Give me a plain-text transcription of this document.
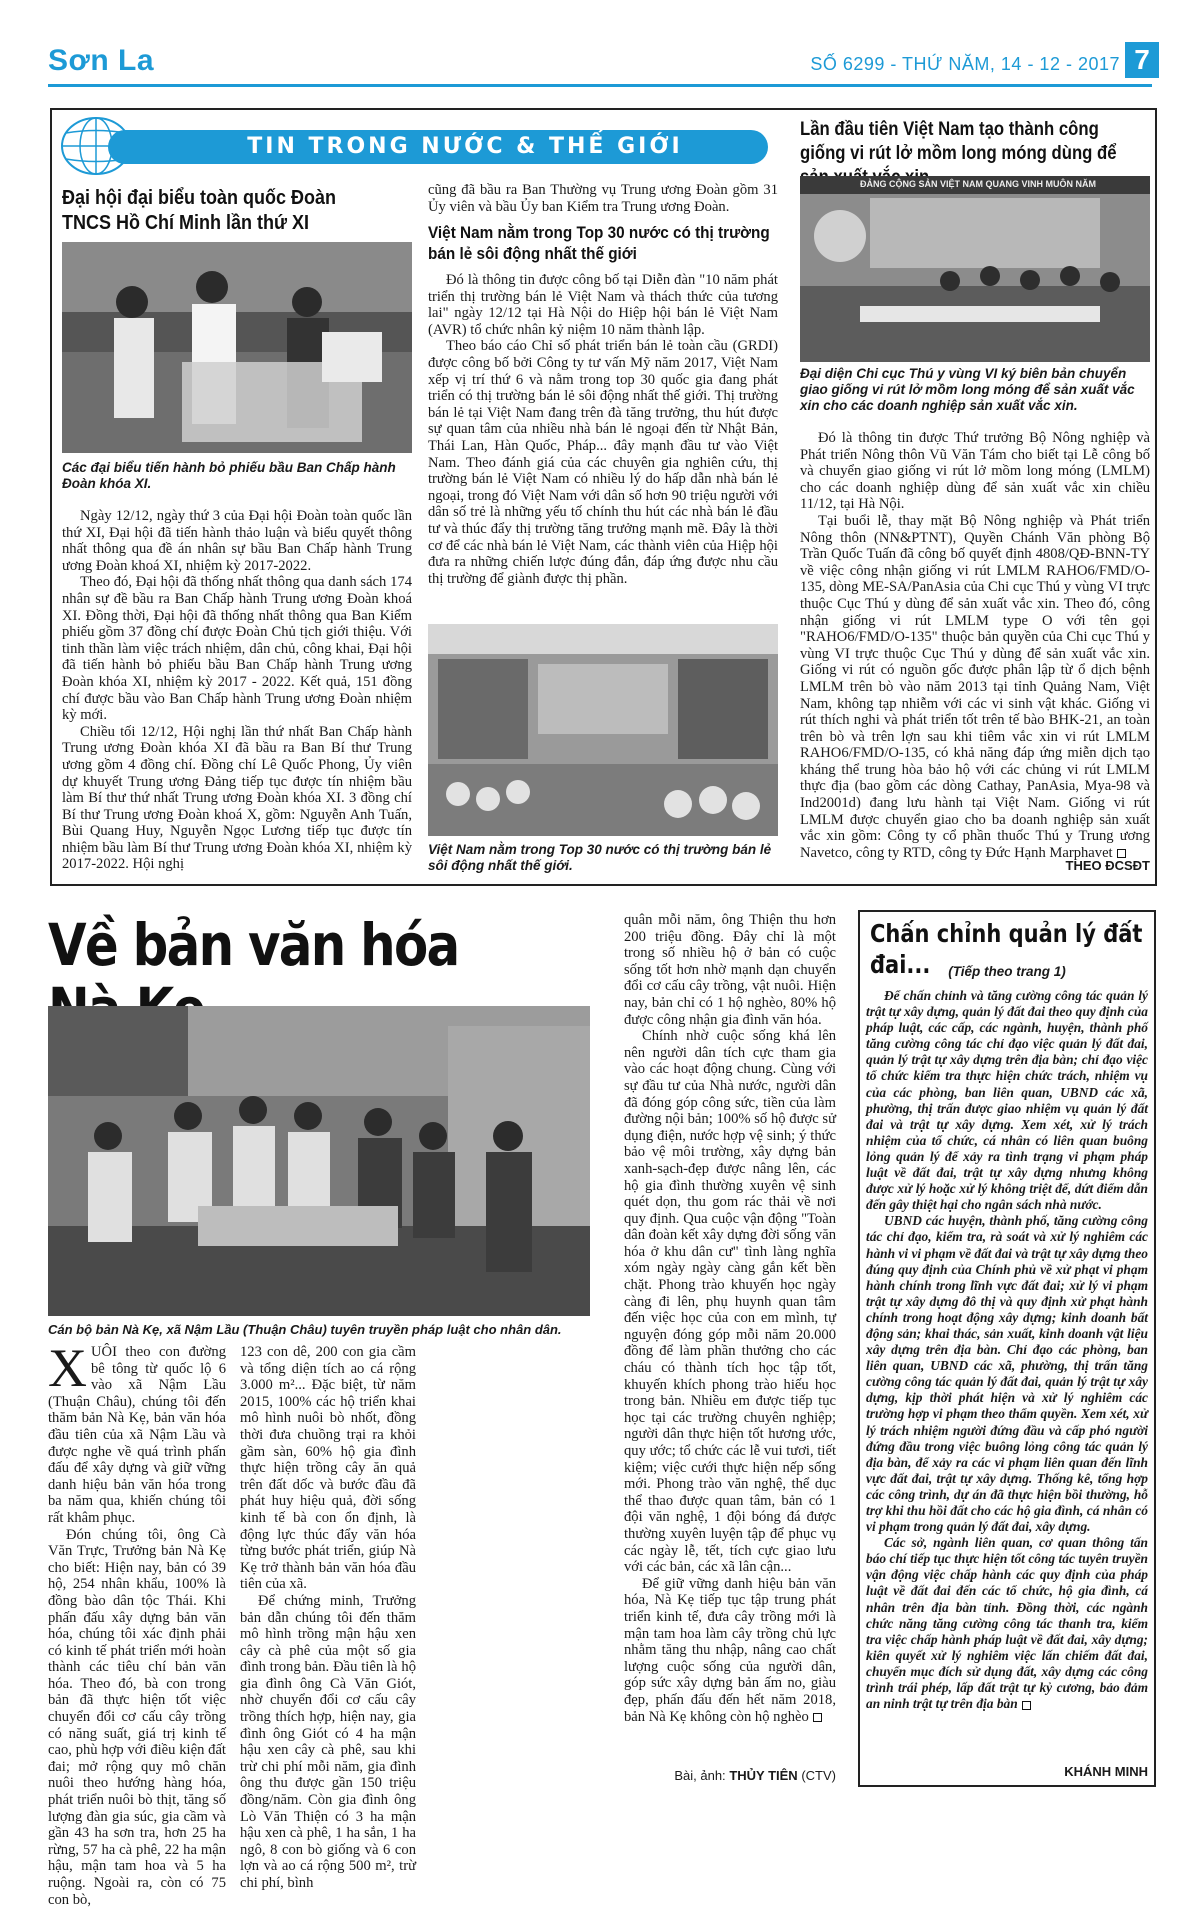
Sơn La	SỐ 6299 - THỨ NĂM, 14 - 12 - 2017 7
TIN TRONG NƯỚC & THẾ GIỚI
Đại hội đại biểu toàn quốc Đoàn TNCS Hồ Chí Minh lần thứ XI
Các đại biểu tiến hành bỏ phiếu bầu Ban Chấp hành Đoàn khóa XI.

Ngày 12/12, ngày thứ 3 của Đại hội Đoàn toàn quốc lần thứ XI, Đại hội đã tiến hành thảo luận và biểu quyết thông nhất thông qua đề án nhân sự bầu Ban Chấp hành Trung ương Đoàn khoá XI, nhiệm kỳ 2017-2022.

Theo đó, Đại hội đã thống nhất thông qua danh sách 174 nhân sự đề bầu ra Ban Chấp hành Trung ương Đoàn khoá XI. Đồng thời, Đại hội đã thống nhất thông qua Ban Kiểm phiếu gồm 37 đồng chí được Đoàn Chủ tịch giới thiệu. Với tinh thần làm việc trách nhiệm, dân chủ, công khai, Đại hội đã tiến hành bỏ phiếu bầu Ban Chấp hành Trung ương Đoàn khóa XI, nhiệm kỳ 2017 - 2022. Kết quả, 151 đồng chí được bầu vào Ban Chấp hành Trung ương Đoàn nhiệm kỳ mới.

Chiều tối 12/12, Hội nghị lần thứ nhất Ban Chấp hành Trung ương Đoàn khóa XI đã bầu ra Ban Bí thư Trung ương gồm 4 đồng chí. Đồng chí Lê Quốc Phong, Ủy viên dự khuyết Trung ương Đảng tiếp tục được tín nhiệm bầu làm Bí thư thứ nhất Trung ương Đoàn khóa XI. 3 đồng chí Bí thư Trung ương Đoàn khoá X, gồm: Nguyễn Anh Tuấn, Bùi Quang Huy, Nguyễn Ngọc Lương tiếp tục được tín nhiệm bầu làm Bí thư Trung ương Đoàn khóa XI, nhiệm kỳ 2017-2022. Hội nghị

cũng đã bầu ra Ban Thường vụ Trung ương Đoàn gồm 31 Ủy viên và bầu Ủy ban Kiểm tra Trung ương Đoàn.

Việt Nam nằm trong Top 30 nước có thị trường bán lẻ sôi động nhất thế giới

Đó là thông tin được công bố tại Diễn đàn "10 năm phát triển thị trường bán lẻ Việt Nam và thách thức của tương lai" ngày 12/12 tại Hà Nội do Hiệp hội bán lẻ Việt Nam (AVR) tổ chức nhân kỷ niệm 10 năm thành lập.

Theo báo cáo Chỉ số phát triển bán lẻ toàn cầu (GRDI) được công bố bởi Công ty tư vấn Mỹ năm 2017, Việt Nam xếp vị trí thứ 6 và nằm trong top 30 quốc gia đang phát triển có thị trường bán lẻ sôi động nhất thế giới. Thị trường bán lẻ tại Việt Nam đang trên đà tăng trưởng, thu hút được sự quan tâm của nhiều nhà bán lẻ ngoại đến từ Nhật Bản, Thái Lan, Hàn Quốc, Pháp... đây mạnh đầu tư vào Việt Nam. Theo đánh giá của các chuyên gia nghiên cứu, thị trường bán lẻ Việt Nam có nhiều lý do hấp dẫn nhà bán lẻ ngoại, trong đó Việt Nam với dân số hơn 90 triệu người với dân số trẻ là những yếu tố chính thu hút các nhà bán lẻ đầu tư và thúc đẩy thị trường tăng trưởng mạnh mẽ. Đây là thời cơ để các nhà bán lẻ Việt Nam, các thành viên của Hiệp hội đưa ra những chiến lược đúng đắn, đáp ứng được nhu cầu thị trường để giành được thị phần.

Việt Nam nằm trong Top 30 nước có thị trường bán lẻ sôi động nhất thế giới.
Lần đầu tiên Việt Nam tạo thành công giống vi rút lở mồm long móng dùng để
ĐẢNG CỘNG SẢN VIỆT NAM QUANG VINH MUÔN NĂM
Đại diện Chi cục Thú y vùng VI ký biên bản chuyển giao giống vi rút lở mồm long móng để sản xuất vắc xin cho các doanh nghiệp sản xuất vắc xin.

Đó là thông tin được Thứ trưởng Bộ Nông nghiệp và Phát triển Nông thôn Vũ Văn Tám cho biết tại Lễ công bố và chuyển giao giống vi rút lở mồm long móng (LMLM) cho các doanh nghiệp dùng để sản xuất vắc xin chiều 11/12, tại Hà Nội.

Tại buổi lễ, thay mặt Bộ Nông nghiệp và Phát triển Nông thôn (NN&PTNT), Quyền Chánh Văn phòng Bộ Trần Quốc Tuấn đã công bố quyết định 4808/QĐ-BNN-TY về việc công nhận giống vi rút LMLM RAHO6/FMD/O-135, dòng ME-SA/PanAsia của Chi cục Thú y vùng VI trực thuộc Cục Thú y dùng để sản xuất vắc xin. Theo đó, công nhận giống vi rút LMLM type O với tên gọi "RAHO6/FMD/O-135" thuộc bản quyền của Chi cục Thú y vùng VI trực thuộc Cục Thú y dùng để sản xuất vắc xin. Giống vi rút có nguồn gốc được phân lập từ ổ dịch bệnh LMLM trên bò vào năm 2013 tại tỉnh Quảng Nam, Việt Nam, không tạp nhiễm với các vi sinh vật khác. Giống vi rút thích nghi và phát triển tốt trên tế bào BHK-21, an toàn trên bò và trên lợn sau khi tiêm vắc xin vi rút LMLM RAHO6/FMD/O-135, có khả năng đáp ứng miễn dịch tạo kháng thể trung hòa bảo hộ với các chủng vi rút LMLM thực địa (bao gồm các dòng Cathay, PanAsia, Mya-98 và Ind2001d) đang lưu hành tại Việt Nam. Giống vi rút LMLM được chuyển giao cho ba doanh nghiệp sản xuất vắc xin gồm: Công ty cổ phần thuốc Thú y Trung ương Navetco, công ty RTD, công ty Đức Hạnh Marphavet

THEO ĐCSĐT
Về bản văn hóa
Cán bộ bản Nà Kẹ, xã Nậm Lầu (Thuận Châu) tuyên truyền pháp luật cho nhân dân.

XUÔI theo con đường bê tông từ quốc lộ 6 vào xã Nậm Lầu (Thuận Châu), chúng tôi đến thăm bản Nà Kẹ, bản văn hóa đầu tiên của xã Nậm Lầu và được nghe về quá trình phấn đấu để xây dựng và giữ vững danh hiệu bản văn hóa trong ba năm qua, khiến chúng tôi rất khâm phục.

Đón chúng tôi, ông Cà Văn Trực, Trưởng bản Nà Kẹ cho biết: Hiện nay, bản có 39 hộ, 254 nhân khẩu, 100% là đồng bào dân tộc Thái. Khi phấn đấu xây dựng bản văn hóa, chúng tôi xác định phải có kinh tế phát triển mới hoàn thành các tiêu chí bản văn hóa. Theo đó, bà con trong bản đã thực hiện tốt việc chuyển đổi cơ cấu cây trồng có năng suất, giá trị kinh tế cao, phù hợp với điều kiện đất đai; mở rộng quy mô chăn nuôi theo hướng hàng hóa, phát triển nuôi bò thịt, tăng số lượng đàn gia súc, gia cầm và gần 43 ha sơn tra, hơn 25 ha rừng, 57 ha cà phê, 22 ha mận hậu, mận tam hoa và 5 ha ruộng. Ngoài ra, còn có 75 con bò,

123 con dê, 200 con gia cầm và tổng diện tích ao cá rộng 3.000 m²... Đặc biệt, từ năm 2015, 100% các hộ triển khai mô hình nuôi bò nhốt, đồng thời đưa chuồng trại ra khỏi gầm sàn, 60% hộ gia đình thực hiện trồng cây ăn quả trên đất dốc và bước đầu đã phát huy hiệu quả, đời sống kinh tế bà con ổn định, là động lực thúc đẩy văn hóa từng bước phát triển, giúp Nà Kẹ trở thành bản văn hóa đầu tiên của xã.

Để chứng minh, Trưởng bản dẫn chúng tôi đến thăm mô hình trồng mận hậu xen cây cà phê của một số gia đình trong bản. Đầu tiên là hộ gia đình ông Cà Văn Giót, nhờ chuyển đổi cơ cấu cây trồng thích hợp, hiện nay, gia đình ông Giót có 4 ha mận hậu xen cây cà phê, sau khi trừ chi phí mỗi năm, gia đình ông thu được gần 150 triệu đồng/năm. Còn gia đình ông Lò Văn Thiện có 3 ha mận hậu xen cà phê, 1 ha sắn, 1 ha ngô, 8 con bò giống và 6 con lợn và ao cá rộng 500 m², trừ chi phí, bình

quân mỗi năm, ông Thiện thu hơn 200 triệu đồng. Đây chỉ là một trong số nhiều hộ ở bản có cuộc sống tốt hơn nhờ mạnh dạn chuyển đổi cơ cấu cây trồng, vật nuôi. Hiện nay, bản chỉ có 1 hộ nghèo, 80% hộ được công nhận gia đình văn hóa.

Chính nhờ cuộc sống khá lên nên người dân tích cực tham gia vào các hoạt động chung. Cùng với sự đầu tư của Nhà nước, người dân đã đóng góp công sức, tiền của làm đường nội bản; 100% số hộ được sử dụng điện, nước hợp vệ sinh; ý thức bảo vệ môi trường, xây dựng bản xanh-sạch-đẹp được nâng lên, các hộ gia đình thường xuyên vệ sinh quét dọn, thu gom rác thải về nơi quy định. Qua cuộc vận động "Toàn dân đoàn kết xây dựng đời sống văn hóa ở khu dân cư" tình làng nghĩa xóm ngày ngày càng gắn kết bền chặt. Phong trào khuyến học ngày càng đi lên, phụ huynh quan tâm đến việc học của con em mình, tự nguyện đóng góp mỗi năm 20.000 đồng để làm phần thưởng cho các cháu có thành tích học tập tốt, khuyến khích phong trào hiếu học trong bản. Nhiều em được tiếp tục học tại các trường chuyên nghiệp; người dân thực hiện tốt hương ước, quy ước; tổ chức các lễ vui tươi, tiết kiệm; việc cưới thực hiện nếp sống mới. Phong trào văn nghệ, thể dục thể thao được quan tâm, bản có 1 đội văn nghệ, 1 đội bóng đá được thường xuyên luyện tập để phục vụ các ngày lễ, tết, tích cực giao lưu với các bản, các xã lân cận...

Để giữ vững danh hiệu bản văn hóa, Nà Kẹ tiếp tục tập trung phát triển kinh tế, đưa cây trồng mới là mận tam hoa làm cây trồng chủ lực nhằm tăng thu nhập, nâng cao chất lượng cuộc sống của người dân, góp sức xây dựng bản ấm no, giàu đẹp, phấn đấu đến hết năm 2018, bản Nà Kẹ không còn hộ nghèo

Bài, ảnh: THỦY TIÊN (CTV)
Chấn chỉnh quản lý đất đai...	(Tiếp theo trang 1)

Để chấn chỉnh và tăng cường công tác quản lý trật tự xây dựng, quản lý đất đai theo quy định của pháp luật, các cấp, các ngành, huyện, thành phố tăng cường công tác chỉ đạo việc quản lý đất đai, quản lý trật tự xây dựng trên địa bàn; chỉ đạo việc tổ chức kiểm tra thực hiện chức trách, nhiệm vụ của các phòng, ban liên quan, UBND các xã, phường, thị trấn được giao nhiệm vụ quản lý đất đai và trật tự xây dựng. Xem xét, xử lý trách nhiệm của tổ chức, cá nhân có liên quan buông lỏng quản lý để xảy ra tình trạng vi phạm pháp luật về đất đai, trật tự xây dựng nhưng không được xử lý hoặc xử lý không triệt để, dứt điểm dẫn đến gây thiệt hại cho ngân sách nhà nước.

UBND các huyện, thành phố, tăng cường công tác chỉ đạo, kiểm tra, rà soát và xử lý nghiêm các hành vi vi phạm về đất đai và trật tự xây dựng theo đúng quy định của Chính phủ về xử phạt vi phạm hành chính trong lĩnh vực đất đai; xử lý vi phạm trật tự xây dựng đô thị và quy định xử phạt hành chính trong hoạt động xây dựng; kinh doanh bất động sản; khai thác, sản xuất, kinh doanh vật liệu xây dựng trên địa bàn. Chỉ đạo các phòng, ban liên quan, UBND các xã, phường, thị trấn tăng cường công tác quản lý đất đai, quản lý trật tự xây dựng, kịp thời phát hiện và xử lý nghiêm các trường hợp vi phạm theo thẩm quyền. Xem xét, xử lý trách nhiệm người đứng đầu và cấp phó người đứng đầu trong việc buông lỏng công tác quản lý địa bàn, để xảy ra các vi phạm liên quan đến lĩnh vực đất đai, trật tự xây dựng. Thống kê, tổng hợp các công trình, dự án đã thực hiện bồi thường, hỗ trợ khi thu hồi đất cho các hộ gia đình, cá nhân có vi phạm trong quản lý đất đai, xây dựng.

Các sở, ngành liên quan, cơ quan thông tấn báo chí tiếp tục thực hiện tốt công tác tuyên truyền vận động việc chấp hành các quy định của pháp luật về đất đai đến các tổ chức, hộ gia đình, cá nhân trên địa bàn tỉnh. Đồng thời, các ngành chức năng tăng cường công tác thanh tra, kiểm tra việc chấp hành pháp luật về đất đai, xây dựng; kiên quyết xử lý nghiêm việc lấn chiếm đất đai, chuyển mục đích sử dụng đất, xây dựng các công trình trái phép, lấp đất trật tự kỷ cương, bảo đảm an ninh trật tự trên địa bàn

KHÁNH MINH
